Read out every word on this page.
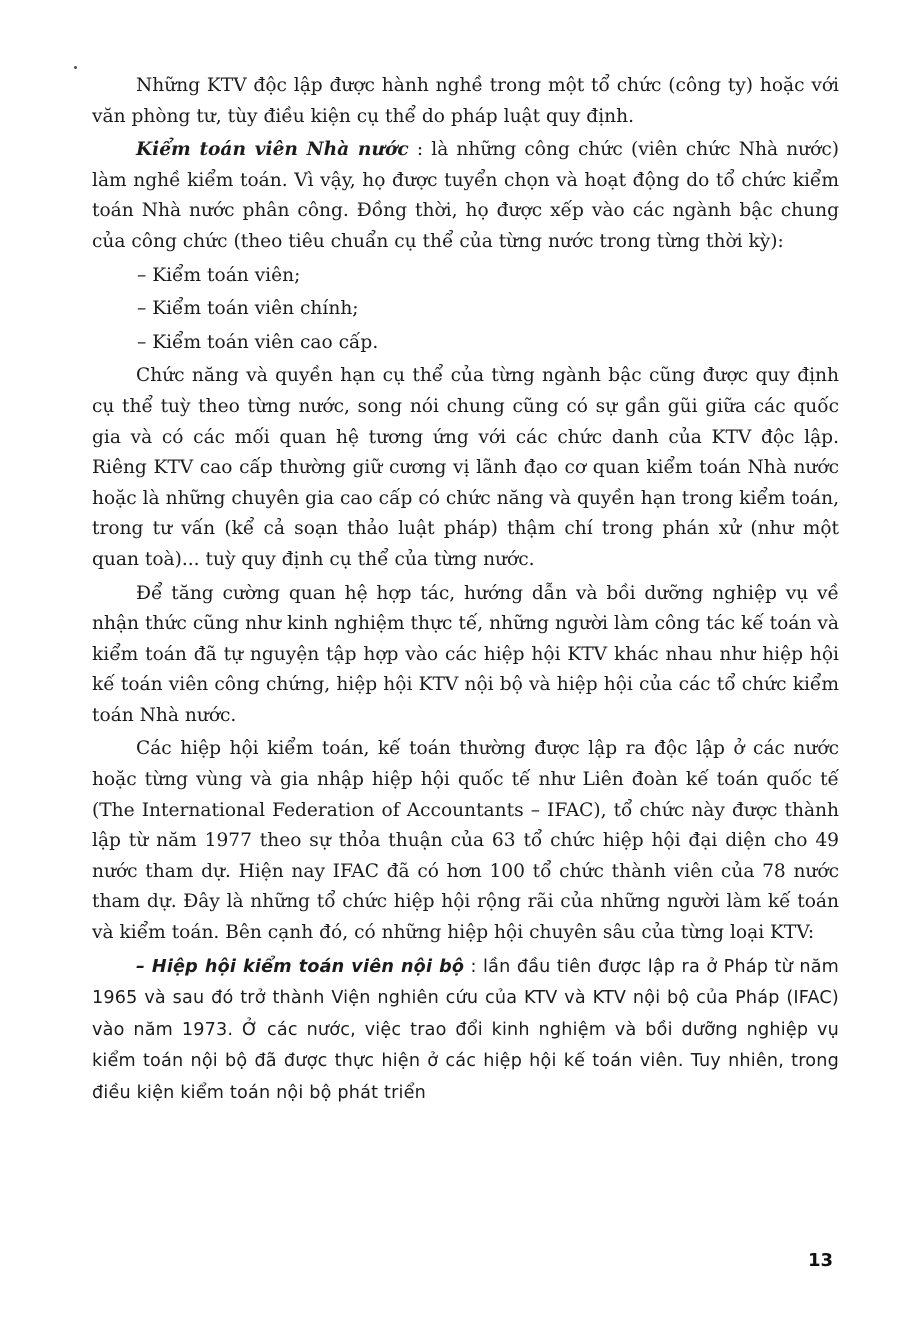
Những KTV độc lập được hành nghề trong một tổ chức (công ty) hoặc với văn phòng tư, tùy điều kiện cụ thể do pháp luật quy định.

Kiểm toán viên Nhà nước : là những công chức (viên chức Nhà nước) làm nghề kiểm toán. Vì vậy, họ được tuyển chọn và hoạt động do tổ chức kiểm toán Nhà nước phân công. Đồng thời, họ được xếp vào các ngành bậc chung của công chức (theo tiêu chuẩn cụ thể của từng nước trong từng thời kỳ):

– Kiểm toán viên;

– Kiểm toán viên chính;

– Kiểm toán viên cao cấp.

Chức năng và quyền hạn cụ thể của từng ngành bậc cũng được quy định cụ thể tuỳ theo từng nước, song nói chung cũng có sự gần gũi giữa các quốc gia và có các mối quan hệ tương ứng với các chức danh của KTV độc lập. Riêng KTV cao cấp thường giữ cương vị lãnh đạo cơ quan kiểm toán Nhà nước hoặc là những chuyên gia cao cấp có chức năng và quyền hạn trong kiểm toán, trong tư vấn (kể cả soạn thảo luật pháp) thậm chí trong phán xử (như một quan toà)... tuỳ quy định cụ thể của từng nước.

Để tăng cường quan hệ hợp tác, hướng dẫn và bồi dưỡng nghiệp vụ về nhận thức cũng như kinh nghiệm thực tế, những người làm công tác kế toán và kiểm toán đã tự nguyện tập hợp vào các hiệp hội KTV khác nhau như hiệp hội kế toán viên công chứng, hiệp hội KTV nội bộ và hiệp hội của các tổ chức kiểm toán Nhà nước.

Các hiệp hội kiểm toán, kế toán thường được lập ra độc lập ở các nước hoặc từng vùng và gia nhập hiệp hội quốc tế như Liên đoàn kế toán quốc tế (The International Federation of Accountants – IFAC), tổ chức này được thành lập từ năm 1977 theo sự thỏa thuận của 63 tổ chức hiệp hội đại diện cho 49 nước tham dự. Hiện nay IFAC đã có hơn 100 tổ chức thành viên của 78 nước tham dự. Đây là những tổ chức hiệp hội rộng rãi của những người làm kế toán và kiểm toán. Bên cạnh đó, có những hiệp hội chuyên sâu của từng loại KTV:

– Hiệp hội kiểm toán viên nội bộ : lần đầu tiên được lập ra ở Pháp từ năm 1965 và sau đó trở thành Viện nghiên cứu của KTV và KTV nội bộ của Pháp (IFAC) vào năm 1973. Ở các nước, việc trao đổi kinh nghiệm và bồi dưỡng nghiệp vụ kiểm toán nội bộ đã được thực hiện ở các hiệp hội kế toán viên. Tuy nhiên, trong điều kiện kiểm toán nội bộ phát triển

13
